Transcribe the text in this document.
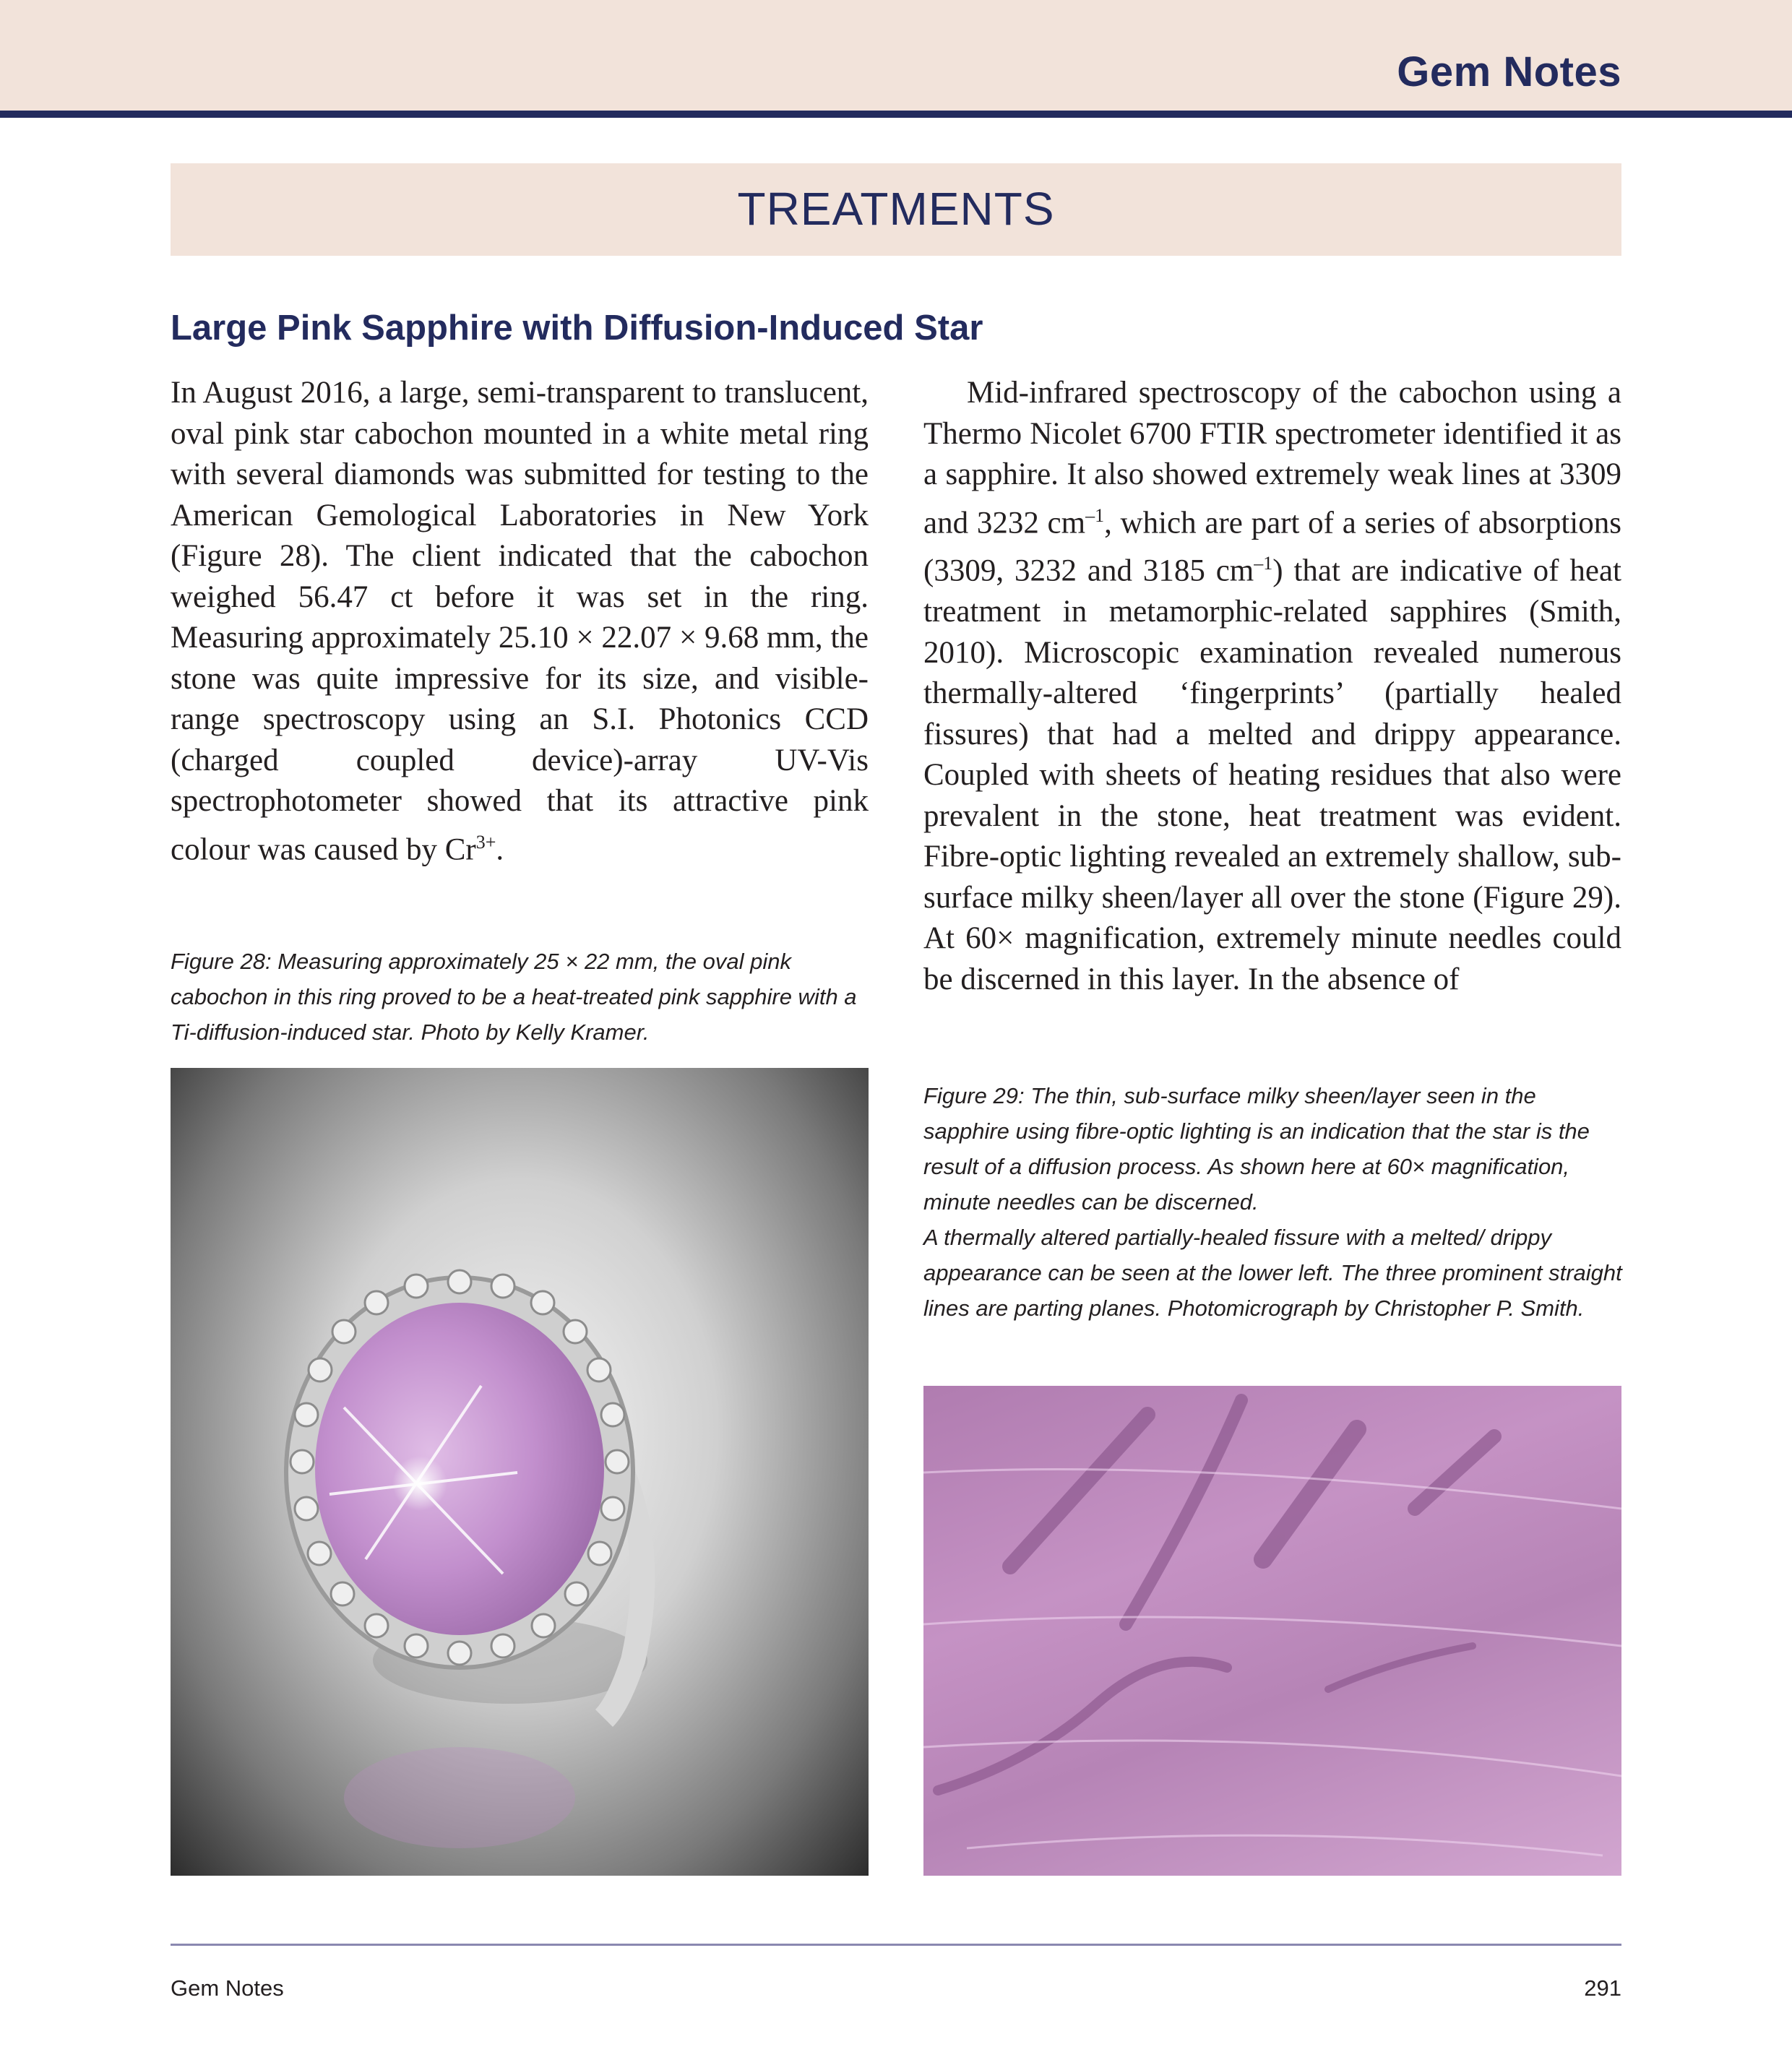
Gem Notes
TREATMENTS
Large Pink Sapphire with Diffusion-Induced Star

In August 2016, a large, semi-transparent to translucent, oval pink star cabochon mounted in a white metal ring with several diamonds was submitted for testing to the American Gemological Laboratories in New York (Figure 28). The client indicated that the cabochon weighed 56.47 ct before it was set in the ring. Measuring approximately 25.10 × 22.07 × 9.68 mm, the stone was quite impressive for its size, and visible-range spectroscopy using an S.I. Photonics CCD (charged coupled device)-array UV-Vis spectrophotometer showed that its attractive pink colour was caused by $Cr^{3+}$.

Mid-infrared spectroscopy of the cabochon using a Thermo Nicolet 6700 FTIR spectrometer identified it as a sapphire. It also showed extremely weak lines at 3309 and 3232 $cm^{-1}$, which are part of a series of absorptions (3309, 3232 and 3185 $cm^{-1}$) that are indicative of heat treatment in metamorphic-related sapphires (Smith, 2010). Microscopic examination revealed numerous thermally-altered ‘fingerprints’ (partially healed fissures) that had a melted and drippy appearance. Coupled with sheets of heating residues that also were prevalent in the stone, heat treatment was evident. Fibre-optic lighting revealed an extremely shallow, sub-surface milky sheen/layer all over the stone (Figure 29). At 60× magnification, extremely minute needles could be discerned in this layer. In the absence of

Figure 28: Measuring approximately 25 × 22 mm, the oval pink cabochon in this ring proved to be a heat-treated pink sapphire with a Ti-diffusion-induced star. Photo by Kelly Kramer.

Figure 29: The thin, sub-surface milky sheen/layer seen in the sapphire using fibre-optic lighting is an indication that the star is the result of a diffusion process. As shown here at 60× magnification, minute needles can be discerned.
A thermally altered partially-healed fissure with a melted/ drippy appearance can be seen at the lower left. The three prominent straight lines are parting planes. Photomicrograph by Christopher P. Smith.

Gem Notes	291
